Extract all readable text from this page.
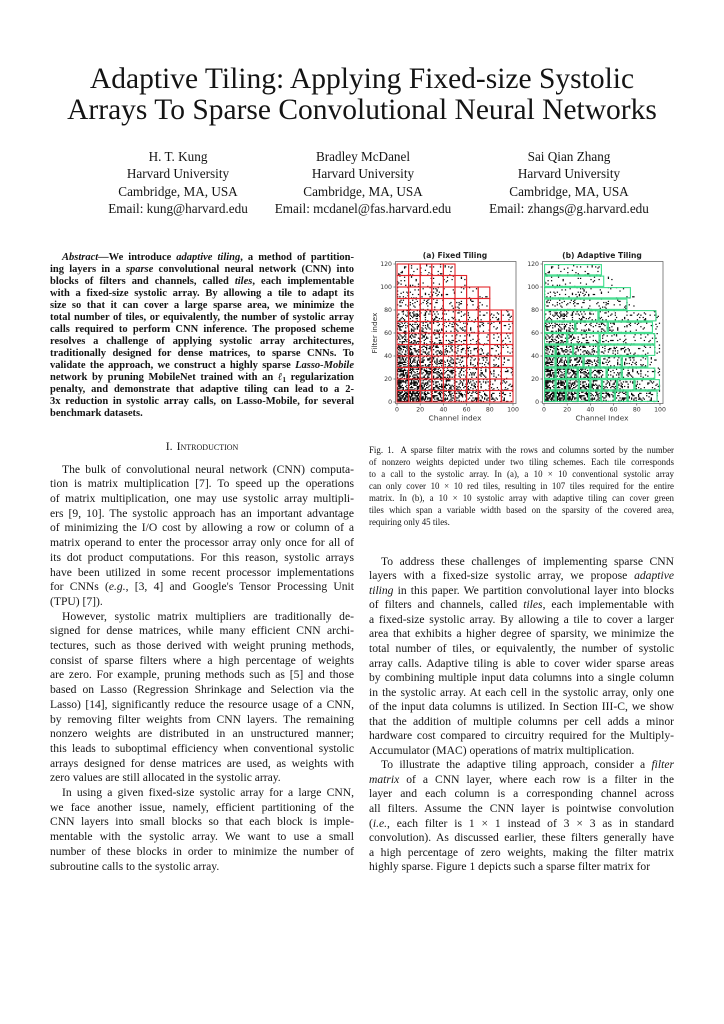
Adaptive Tiling: Applying Fixed-size Systolic
Arrays To Sparse Convolutional Neural Networks
H. T. Kung
Harvard University
Cambridge, MA, USA
Email: kung@harvard.edu
Bradley McDanel
Harvard University
Cambridge, MA, USA
Email: mcdanel@fas.harvard.edu
Sai Qian Zhang
Harvard University
Cambridge, MA, USA
Email: zhangs@g.harvard.edu
Abstract—We introduce adaptive tiling, a method of partition-
ing layers in a sparse convolutional neural network (CNN) into
blocks of filters and channels, called tiles, each implementable
with a fixed-size systolic array. By allowing a tile to adapt its
size so that it can cover a large sparse area, we minimize the
total number of tiles, or equivalently, the number of systolic array
calls required to perform CNN inference. The proposed scheme
resolves a challenge of applying systolic array architectures,
traditionally designed for dense matrices, to sparse CNNs. To
validate the approach, we construct a highly sparse Lasso-Mobile
network by pruning MobileNet trained with an ℓ1 regularization
penalty, and demonstrate that adaptive tiling can lead to a 2-
3x reduction in systolic array calls, on Lasso-Mobile, for several
benchmark datasets.
I. Introduction
The bulk of convolutional neural network (CNN) computa-
tion is matrix multiplication [7]. To speed up the operations
of matrix multiplication, one may use systolic array multipli-
ers [9, 10]. The systolic approach has an important advantage
of minimizing the I/O cost by allowing a row or column of a
matrix operand to enter the processor array only once for all of
its dot product computations. For this reason, systolic arrays
have been utilized in some recent processor implementations
for CNNs (e.g., [3, 4] and Google's Tensor Processing Unit
(TPU) [7]).
However, systolic matrix multipliers are traditionally de-
signed for dense matrices, while many efficient CNN archi-
tectures, such as those derived with weight pruning methods,
consist of sparse filters where a high percentage of weights
are zero. For example, pruning methods such as [5] and those
based on Lasso (Regression Shrinkage and Selection via the
Lasso) [14], significantly reduce the resource usage of a CNN,
by removing filter weights from CNN layers. The remaining
nonzero weights are distributed in an unstructured manner;
this leads to suboptimal efficiency when conventional systolic
arrays designed for dense matrices are used, as weights with
zero values are still allocated in the systolic array.
In using a given fixed-size systolic array for a large CNN,
we face another issue, namely, efficient partitioning of the
CNN layers into small blocks so that each block is imple-
mentable with the systolic array. We want to use a small
number of these blocks in order to minimize the number of
subroutine calls to the systolic array.
0	20 40 60 80 100
0
20
40
60
80
100
120
(a) Fixed Tiling
Channel index
Filter index
0	20 40 60 80 100
0
20
40
60
80
100
120
(b) Adaptive Tiling
Channel Index
Fig. 1. A sparse filter matrix with the rows and columns sorted by the number
of nonzero weights depicted under two tiling schemes. Each tile corresponds
to a call to the systolic array. In (a), a 10 × 10 conventional systolic array
can only cover 10 × 10 red tiles, resulting in 107 tiles required for the entire
matrix. In (b), a 10 × 10 systolic array with adaptive tiling can cover green
tiles which span a variable width based on the sparsity of the covered area,
requiring only 45 tiles.
To address these challenges of implementing sparse CNN
layers with a fixed-size systolic array, we propose adaptive
tiling in this paper. We partition convolutional layer into blocks
of filters and channels, called tiles, each implementable with
a fixed-size systolic array. By allowing a tile to cover a larger
area that exhibits a higher degree of sparsity, we minimize the
total number of tiles, or equivalently, the number of systolic
array calls. Adaptive tiling is able to cover wider sparse areas
by combining multiple input data columns into a single column
in the systolic array. At each cell in the systolic array, only one
of the input data columns is utilized. In Section III-C, we show
that the addition of multiple columns per cell adds a minor
hardware cost compared to circuitry required for the Multiply-
Accumulator (MAC) operations of matrix multiplication.
To illustrate the adaptive tiling approach, consider a filter
matrix of a CNN layer, where each row is a filter in the
layer and each column is a corresponding channel across
all filters. Assume the CNN layer is pointwise convolution
(i.e., each filter is 1 × 1 instead of 3 × 3 as in standard
convolution). As discussed earlier, these filters generally have
a high percentage of zero weights, making the filter matrix
highly sparse. Figure 1 depicts such a sparse filter matrix for
